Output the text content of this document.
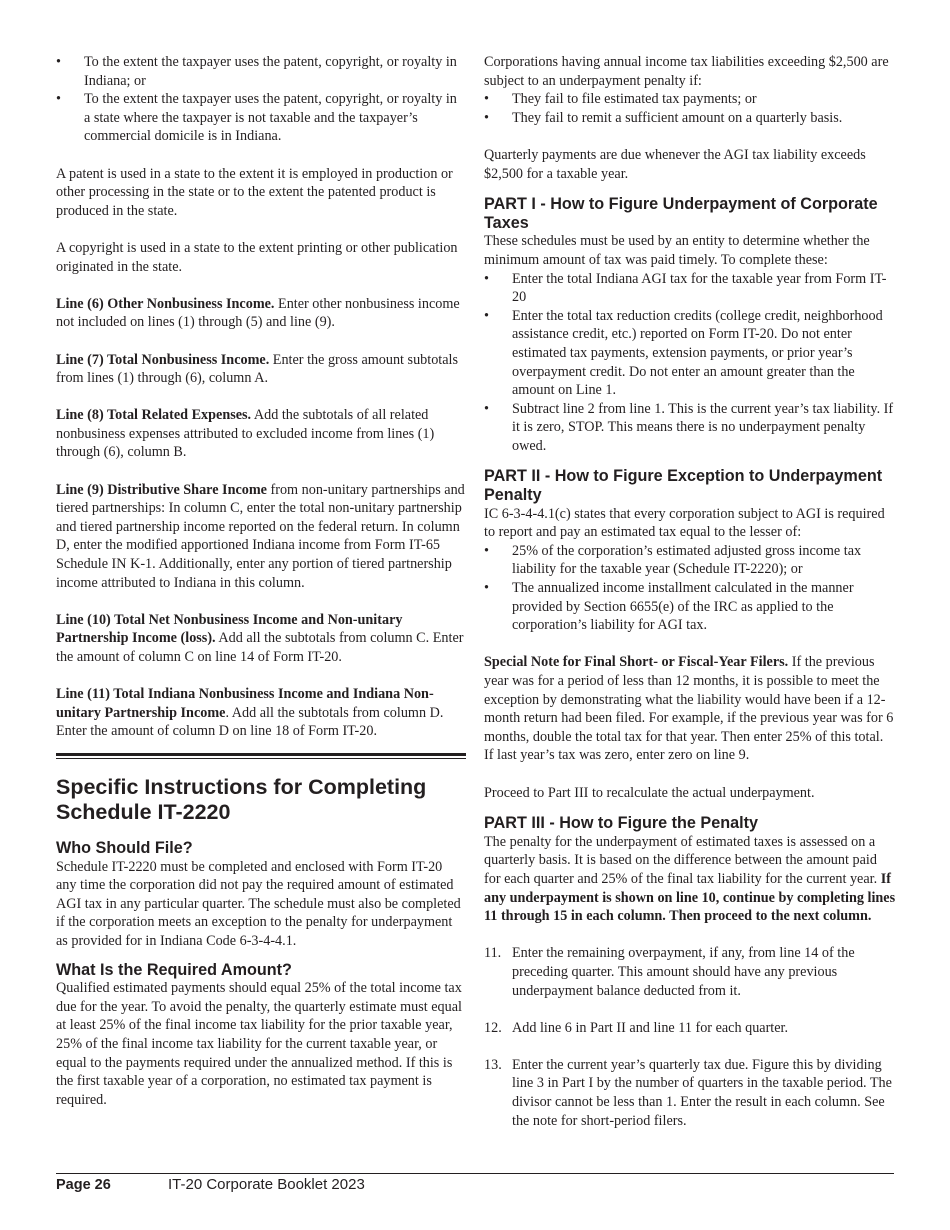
• To the extent the taxpayer uses the patent, copyright, or royalty in Indiana; or
• To the extent the taxpayer uses the patent, copyright, or royalty in a state where the taxpayer is not taxable and the taxpayer’s commercial domicile is in Indiana.

A patent is used in a state to the extent it is employed in production or other processing in the state or to the extent the patented product is produced in the state.

A copyright is used in a state to the extent printing or other publication originated in the state.

Line (6) Other Nonbusiness Income. Enter other nonbusiness income not included on lines (1) through (5) and line (9).

Line (7) Total Nonbusiness Income. Enter the gross amount subtotals from lines (1) through (6), column A.

Line (8) Total Related Expenses. Add the subtotals of all related nonbusiness expenses attributed to excluded income from lines (1) through (6), column B.

Line (9) Distributive Share Income from non-unitary partnerships and tiered partnerships: In column C, enter the total non-unitary partnership and tiered partnership income reported on the federal return. In column D, enter the modified apportioned Indiana income from Form IT-65 Schedule IN K-1. Additionally, enter any portion of tiered partnership income attributed to Indiana in this column.

Line (10) Total Net Nonbusiness Income and Non-unitary Partnership Income (loss). Add all the subtotals from column C. Enter the amount of column C on line 14 of Form IT-20.

Line (11) Total Indiana Nonbusiness Income and Indiana Non-unitary Partnership Income. Add all the subtotals from column D. Enter the amount of column D on line 18 of Form IT-20.

Specific Instructions for Completing Schedule IT-2220
Who Should File?

Schedule IT-2220 must be completed and enclosed with Form IT-20 any time the corporation did not pay the required amount of estimated AGI tax in any particular quarter. The schedule must also be completed if the corporation meets an exception to the penalty for underpayment as provided for in Indiana Code 6-3-4-4.1.

What Is the Required Amount?

Qualified estimated payments should equal 25% of the total income tax due for the year. To avoid the penalty, the quarterly estimate must equal at least 25% of the final income tax liability for the prior taxable year, 25% of the final income tax liability for the current taxable year, or equal to the payments required under the annualized method. If this is the first taxable year of a corporation, no estimated tax payment is required.

Corporations having annual income tax liabilities exceeding $2,500 are subject to an underpayment penalty if:

• They fail to file estimated tax payments; or
• They fail to remit a sufficient amount on a quarterly basis.

Quarterly payments are due whenever the AGI tax liability exceeds $2,500 for a taxable year.

PART I - How to Figure Underpayment of Corporate Taxes

These schedules must be used by an entity to determine whether the minimum amount of tax was paid timely. To complete these:

• Enter the total Indiana AGI tax for the taxable year from Form IT-20
• Enter the total tax reduction credits (college credit, neighborhood assistance credit, etc.) reported on Form IT-20. Do not enter estimated tax payments, extension payments, or prior year’s overpayment credit. Do not enter an amount greater than the amount on Line 1.
• Subtract line 2 from line 1. This is the current year’s tax liability. If it is zero, STOP. This means there is no underpayment penalty owed.
PART II - How to Figure Exception to Underpayment Penalty

IC 6-3-4-4.1(c) states that every corporation subject to AGI is required to report and pay an estimated tax equal to the lesser of:

• 25% of the corporation’s estimated adjusted gross income tax liability for the taxable year (Schedule IT-2220); or
• The annualized income installment calculated in the manner provided by Section 6655(e) of the IRC as applied to the corporation’s liability for AGI tax.

Special Note for Final Short- or Fiscal-Year Filers. If the previous year was for a period of less than 12 months, it is possible to meet the exception by demonstrating what the liability would have been if a 12-month return had been filed. For example, if the previous year was for 6 months, double the total tax for that year. Then enter 25% of this total. If last year’s tax was zero, enter zero on line 9.

Proceed to Part III to recalculate the actual underpayment.

PART III - How to Figure the Penalty

The penalty for the underpayment of estimated taxes is assessed on a quarterly basis. It is based on the difference between the amount paid for each quarter and 25% of the final tax liability for the current year. If any underpayment is shown on line 10, continue by completing lines 11 through 15 in each column. Then proceed to the next column.

11. Enter the remaining overpayment, if any, from line 14 of the preceding quarter. This amount should have any previous underpayment balance deducted from it.
12. Add line 6 in Part II and line 11 for each quarter.
13. Enter the current year’s quarterly tax due. Figure this by dividing line 3 in Part I by the number of quarters in the taxable period. The divisor cannot be less than 1. Enter the result in each column. See the note for short-period filers.
Page 26	IT-20 Corporate Booklet 2023
